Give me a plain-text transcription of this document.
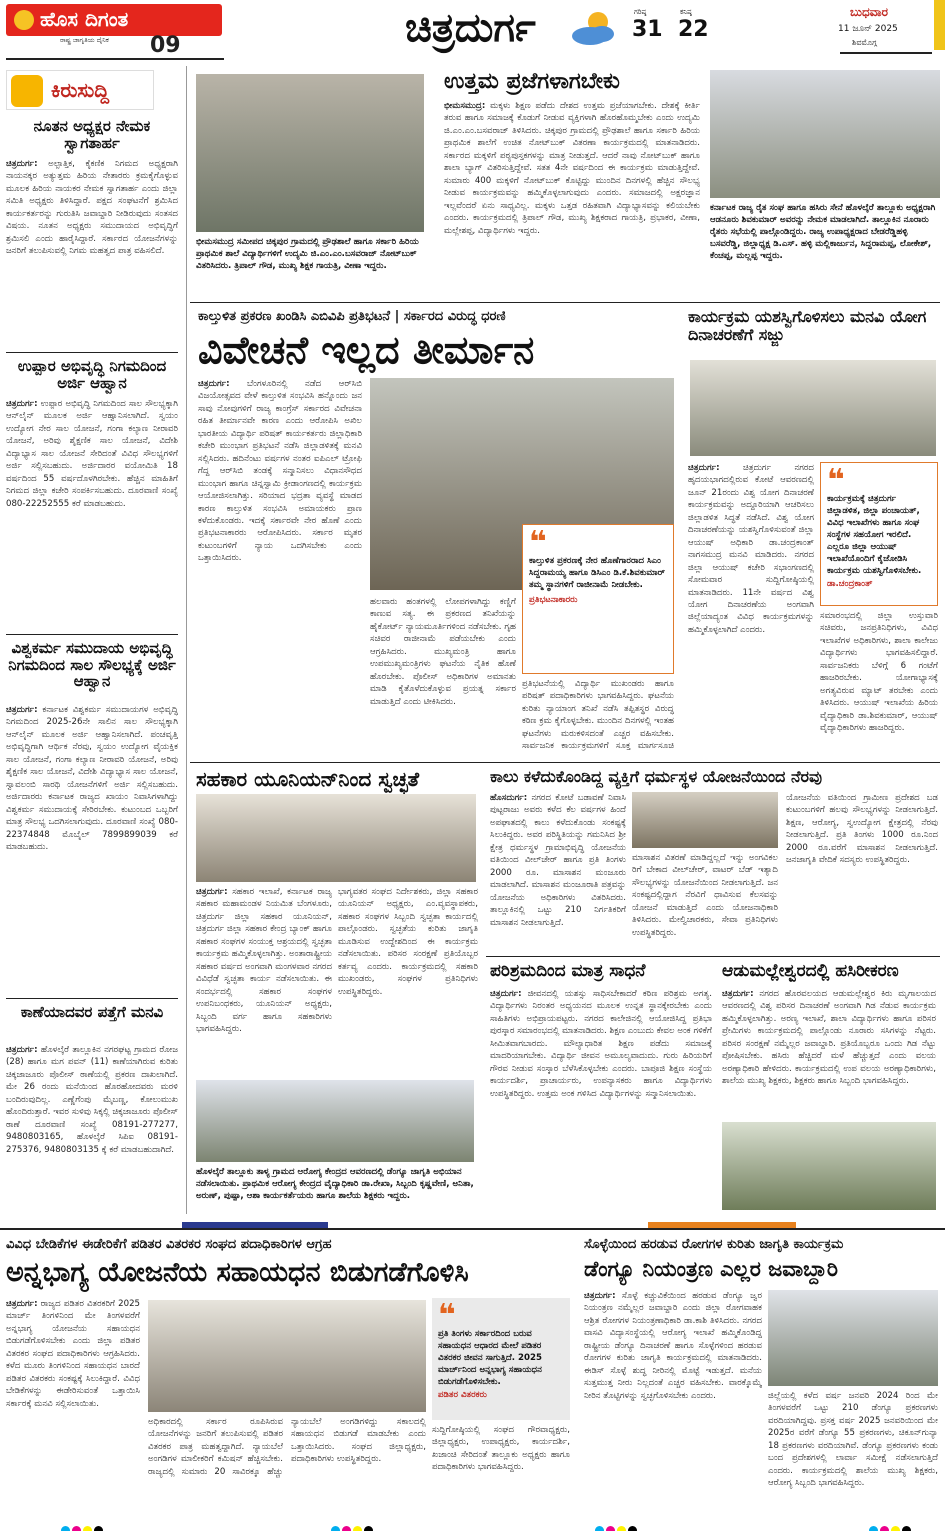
ಹೊಸ ದಿಗಂತ
ರಾಷ್ಟ್ರ ಜಾಗೃತಿಯ ದೈನಿಕ 09	ಚಿತ್ರದುರ್ಗ	ಗರಿಷ್ಠ
31
ಕನಿಷ್ಠ
22
ಬುಧವಾರ
11 ಜೂನ್ 2025
ಶಿವಮೊಗ್ಗ
ಕಿರುಸುದ್ದಿ
ನೂತನ ಅಧ್ಯಕ್ಷರ ನೇಮಕ ಸ್ವಾಗತಾರ್ಹ
ಚಿತ್ರದುರ್ಗ: ಅಲ್ಪಾತ್ತಿಕ, ಕೈಕಣಿಕ ನಿಗಮದ ಅಧ್ಯಕ್ಷರಾಗಿ ನಾಯನಕ್ಕರ ಅತ್ಯುತ್ತಮ ಹಿರಿಯ ನೇತಾರರು ಕ್ರಮಕೈಗೊಳ್ಳುವ ಮೂಲಕ ಹಿರಿಯ ನಾಯಕರ ನೇಮಕ ಸ್ವಾಗತಾರ್ಹ ಎಂದು ಜಿಲ್ಲಾ ಸಮಿತಿ ಅಧ್ಯಕ್ಷರು ತಿಳಿಸಿದ್ದಾರೆ. ಪಕ್ಷದ ಸಂಘಟನೆಗೆ ಶ್ರಮಿಸಿದ ಕಾರ್ಯಕರ್ತರನ್ನು ಗುರುತಿಸಿ ಜವಾಬ್ದಾರಿ ನೀಡಿರುವುದು ಸಂತಸದ ವಿಷಯ. ನೂತನ ಅಧ್ಯಕ್ಷರು ಸಮುದಾಯದ ಅಭಿವೃದ್ಧಿಗೆ ಶ್ರಮಿಸಲಿ ಎಂದು ಹಾರೈಸಿದ್ದಾರೆ. ಸರ್ಕಾರದ ಯೋಜನೆಗಳನ್ನು ಜನರಿಗೆ ತಲುಪಿಸುವಲ್ಲಿ ನಿಗಮ ಮಹತ್ವದ ಪಾತ್ರ ವಹಿಸಲಿದೆ.
ಉಪ್ಪಾರ ಅಭಿವೃದ್ಧಿ ನಿಗಮದಿಂದ ಅರ್ಜಿ ಆಹ್ವಾನ
ಚಿತ್ರದುರ್ಗ: ಉಪ್ಪಾರ ಅಭಿವೃದ್ಧಿ ನಿಗಮದಿಂದ ಸಾಲ ಸೌಲಭ್ಯಕ್ಕಾಗಿ ಆನ್‌ಲೈನ್ ಮೂಲಕ ಅರ್ಜಿ ಆಹ್ವಾನಿಸಲಾಗಿದೆ. ಸ್ವಯಂ ಉದ್ಯೋಗ ನೇರ ಸಾಲ ಯೋಜನೆ, ಗಂಗಾ ಕಲ್ಯಾಣ ನೀರಾವರಿ ಯೋಜನೆ, ಅರಿವು ಶೈಕ್ಷಣಿಕ ಸಾಲ ಯೋಜನೆ, ವಿದೇಶಿ ವಿದ್ಯಾಭ್ಯಾಸ ಸಾಲ ಯೋಜನೆ ಸೇರಿದಂತೆ ವಿವಿಧ ಸೌಲಭ್ಯಗಳಿಗೆ ಅರ್ಜಿ ಸಲ್ಲಿಸಬಹುದು. ಅರ್ಜಿದಾರರ ವಯೋಮಿತಿ 18 ವರ್ಷದಿಂದ 55 ವರ್ಷದೊಳಗಿರಬೇಕು. ಹೆಚ್ಚಿನ ಮಾಹಿತಿಗೆ ನಿಗಮದ ಜಿಲ್ಲಾ ಕಚೇರಿ ಸಂಪರ್ಕಿಸಬಹುದು. ದೂರವಾಣಿ ಸಂಖ್ಯೆ 080-22252555 ಕರೆ ಮಾಡಬಹುದು.
ವಿಶ್ವಕರ್ಮ ಸಮುದಾಯ ಅಭಿವೃದ್ಧಿ ನಿಗಮದಿಂದ ಸಾಲ ಸೌಲಭ್ಯಕ್ಕೆ ಅರ್ಜಿ ಆಹ್ವಾನ
ಚಿತ್ರದುರ್ಗ: ಕರ್ನಾಟಕ ವಿಶ್ವಕರ್ಮ ಸಮುದಾಯಗಳ ಅಭಿವೃದ್ಧಿ ನಿಗಮದಿಂದ 2025-26ನೇ ಸಾಲಿನ ಸಾಲ ಸೌಲಭ್ಯಕ್ಕಾಗಿ ಆನ್‌ಲೈನ್ ಮೂಲಕ ಅರ್ಜಿ ಆಹ್ವಾನಿಸಲಾಗಿದೆ. ಪಂಚವೃತ್ತಿ ಅಭಿವೃದ್ಧಿಗಾಗಿ ಆರ್ಥಿಕ ನೆರವು, ಸ್ವಯಂ ಉದ್ಯೋಗ ವೈಯಕ್ತಿಕ ಸಾಲ ಯೋಜನೆ, ಗಂಗಾ ಕಲ್ಯಾಣ ನೀರಾವರಿ ಯೋಜನೆ, ಅರಿವು ಶೈಕ್ಷಣಿಕ ಸಾಲ ಯೋಜನೆ, ವಿದೇಶಿ ವಿದ್ಯಾಭ್ಯಾಸ ಸಾಲ ಯೋಜನೆ, ಸ್ವಾವಲಂಬಿ ಸಾರಥಿ ಯೋಜನೆಗಳಿಗೆ ಅರ್ಜಿ ಸಲ್ಲಿಸಬಹುದು. ಅರ್ಜಿದಾರರು ಕರ್ನಾಟಕ ರಾಜ್ಯದ ಖಾಯಂ ನಿವಾಸಿಗಳಾಗಿದ್ದು ವಿಶ್ವಕರ್ಮ ಸಮುದಾಯಕ್ಕೆ ಸೇರಿರಬೇಕು. ಕುಟುಂಬದ ಒಬ್ಬರಿಗೆ ಮಾತ್ರ ಸೌಲಭ್ಯ ಒದಗಿಸಲಾಗುವುದು. ದೂರವಾಣಿ ಸಂಖ್ಯೆ 080-22374848 ಮೊಬೈಲ್ 7899899039 ಕರೆ ಮಾಡಬಹುದು.
ಕಾಣೆಯಾದವರ ಪತ್ತೆಗೆ ಮನವಿ
ಚಿತ್ರದುರ್ಗ: ಹೊಳಲ್ಕೆರೆ ತಾಲ್ಲೂಕಿನ ನಗರಘಟ್ಟ ಗ್ರಾಮದ ರೋಜ (28) ಹಾಗೂ ಮಗ ಪವನ್ (11) ಕಾಣೆಯಾಗಿರುವ ಕುರಿತು ಚಿಕ್ಕಜಾಜೂರು ಪೊಲೀಸ್ ಠಾಣೆಯಲ್ಲಿ ಪ್ರಕರಣ ದಾಖಲಾಗಿದೆ. ಮೇ 26 ರಂದು ಮನೆಯಿಂದ ಹೊರಹೋದವರು ಮರಳಿ ಬಂದಿರುವುದಿಲ್ಲ. ಎಣ್ಣೆಗೆಂಪು ಮೈಬಣ್ಣ, ಕೋಲುಮುಖ ಹೊಂದಿರುತ್ತಾರೆ. ಇವರ ಸುಳಿವು ಸಿಕ್ಕಲ್ಲಿ ಚಿಕ್ಕಜಾಜೂರು ಪೊಲೀಸ್ ಠಾಣೆ ದೂರವಾಣಿ ಸಂಖ್ಯೆ 08191-277277, 9480803165, ಹೊಳಲ್ಕೆರೆ ಸಿಪಿಐ 08191-275376, 9480803135 ಕ್ಕೆ ಕರೆ ಮಾಡಬಹುದಾಗಿದೆ.
ಭೀಮಸಮುದ್ರ ಸಮೀಪದ ಚಿಕ್ಕಪುರ ಗ್ರಾಮದಲ್ಲಿ ಪ್ರೌಢಶಾಲೆ ಹಾಗೂ ಸರ್ಕಾರಿ ಹಿರಿಯ ಪ್ರಾಥಮಿಕ ಶಾಲೆ ವಿದ್ಯಾರ್ಥಿಗಳಿಗೆ ಉದ್ಯಮಿ ಜಿ.ಎಂ.ಎಂ.ಬಸವರಾಜ್ ನೋಟ್‌ಬುಕ್ ವಿತರಿಸಿದರು. ತ್ರಿಪಾಲ್ ಗೌಡ, ಮುಖ್ಯ ಶಿಕ್ಷಕ ಗಾಯತ್ರಿ, ವೀಣಾ ಇದ್ದರು.
ಉತ್ತಮ ಪ್ರಜೆಗಳಾಗಬೇಕು
ಭೀಮಸಮುದ್ರ: ಮಕ್ಕಳು ಶಿಕ್ಷಣ ಪಡೆದು ದೇಶದ ಉತ್ತಮ ಪ್ರಜೆಯಾಗಬೇಕು. ದೇಶಕ್ಕೆ ಕೀರ್ತಿ ತರುವ ಹಾಗೂ ಸಮಾಜಕ್ಕೆ ಕೊಡುಗೆ ನೀಡುವ ವ್ಯಕ್ತಿಗಳಾಗಿ ಹೊರಹೊಮ್ಮಬೇಕು ಎಂದು ಉದ್ಯಮಿ ಜಿ.ಎಂ.ಎಂ.ಬಸವರಾಜ್ ತಿಳಿಸಿದರು. ಚಿಕ್ಕಪುರ ಗ್ರಾಮದಲ್ಲಿ ಪ್ರೌಢಶಾಲೆ ಹಾಗೂ ಸರ್ಕಾರಿ ಹಿರಿಯ ಪ್ರಾಥಮಿಕ ಶಾಲೆಗೆ ಉಚಿತ ನೋಟ್‌ಬುಕ್ ವಿತರಣಾ ಕಾರ್ಯಕ್ರಮದಲ್ಲಿ ಮಾತನಾಡಿದರು. ಸರ್ಕಾರದ ಮಕ್ಕಳಿಗೆ ಪಠ್ಯಪುಸ್ತಕಗಳನ್ನು ಮಾತ್ರ ನೀಡುತ್ತದೆ. ಆದರೆ ನಾವು ನೋಟ್‌ಬುಕ್ ಹಾಗೂ ಶಾಲಾ ಬ್ಯಾಗ್ ವಿತರಿಸುತ್ತಿದ್ದೇವೆ. ಸತತ 4ನೇ ವರ್ಷದಿಂದ ಈ ಕಾರ್ಯಕ್ರಮ ಮಾಡುತ್ತಿದ್ದೇವೆ. ಸುಮಾರು 400 ಮಕ್ಕಳಿಗೆ ನೋಟ್‌ಬುಕ್ ಕೊಟ್ಟಿದ್ದು ಮುಂದಿನ ದಿನಗಳಲ್ಲಿ ಹೆಚ್ಚಿನ ಸೌಲಭ್ಯ ನೀಡುವ ಕಾರ್ಯಕ್ರಮವನ್ನು ಹಮ್ಮಿಕೊಳ್ಳಲಾಗುವುದು ಎಂದರು. ಸಮಾಜದಲ್ಲಿ ಅಕ್ಷರಜ್ಞಾನ ಇಲ್ಲವೆಂದರೆ ಏನು ಸಾಧ್ಯವಿಲ್ಲ. ಮಕ್ಕಳು ಒತ್ತಡ ರಹಿತವಾಗಿ ವಿದ್ಯಾಭ್ಯಾಸವನ್ನು ಕಲಿಯಬೇಕು ಎಂದರು. ಕಾರ್ಯಕ್ರಮದಲ್ಲಿ ತ್ರಿಪಾಲ್ ಗೌಡ, ಮುಖ್ಯ ಶಿಕ್ಷಕರಾದ ಗಾಯತ್ರಿ, ಪ್ರಭಾಕರ, ವೀಣಾ, ಮಲ್ಲೇಶಪ್ಪ, ವಿದ್ಯಾರ್ಥಿಗಳು ಇದ್ದರು.
ಕರ್ನಾಟಕ ರಾಜ್ಯ ರೈತ ಸಂಘ ಹಾಗೂ ಹಸಿರು ಸೇನೆ ಹೊಳಲ್ಕೆರೆ ತಾಲ್ಲೂಕು ಅಧ್ಯಕ್ಷರಾಗಿ ಆಡನೂರು ಶಿವಕುಮಾರ್ ಅವರನ್ನು ನೇಮಕ ಮಾಡಲಾಗಿದೆ. ತಾಲ್ಲೂಕಿನ ನೂರಾರು ರೈತರು ಸಭೆಯಲ್ಲಿ ಪಾಲ್ಗೊಂಡಿದ್ದರು. ರಾಜ್ಯ ಉಪಾಧ್ಯಕ್ಷರಾದ ಬೇಡರೆಡ್ಡಿಹಳ್ಳಿ ಬಸವರೆಡ್ಡಿ, ಜಿಲ್ಲಾಧ್ಯಕ್ಷ ಡಿ.ಎಸ್. ಹಳ್ಳಿ ಮಲ್ಲಿಕಾರ್ಜುನ, ಸಿದ್ದರಾಮಪ್ಪ, ಲೋಕೇಶ್, ಕೆಂಚಪ್ಪ, ಮಲ್ಲಪ್ಪ ಇದ್ದರು.
ಕಾಲ್ತುಳಿತ ಪ್ರಕರಣ ಖಂಡಿಸಿ ಎಬಿವಿಪಿ ಪ್ರತಿಭಟನೆ | ಸರ್ಕಾರದ ವಿರುದ್ಧ ಧರಣಿ
ವಿವೇಚನೆ ಇಲ್ಲದ ತೀರ್ಮಾನ
ಚಿತ್ರದುರ್ಗ: ಬೆಂಗಳೂರಿನಲ್ಲಿ ನಡೆದ ಆರ್‌ಸಿಬಿ ವಿಜಯೋತ್ಸವದ ವೇಳೆ ಕಾಲ್ತುಳಿತ ಸಂಭವಿಸಿ ಹನ್ನೊಂದು ಜನ ಸಾವು ನೋವುಗಳಿಗೆ ರಾಜ್ಯ ಕಾಂಗ್ರೆಸ್ ಸರ್ಕಾರದ ವಿವೇಚನಾ ರಹಿತ ತೀರ್ಮಾನವೇ ಕಾರಣ ಎಂದು ಆರೋಪಿಸಿ ಅಖಿಲ ಭಾರತೀಯ ವಿದ್ಯಾರ್ಥಿ ಪರಿಷತ್ ಕಾರ್ಯಕರ್ತರು ಜಿಲ್ಲಾಧಿಕಾರಿ ಕಚೇರಿ ಮುಂಭಾಗ ಪ್ರತಿಭಟನೆ ನಡೆಸಿ ಜಿಲ್ಲಾಡಳಿತಕ್ಕೆ ಮನವಿ ಸಲ್ಲಿಸಿದರು. ಹದಿನೆಂಟು ವರ್ಷಗಳ ನಂತರ ಐಪಿಎಲ್ ಟ್ರೋಫಿ ಗೆದ್ದ ಆರ್‌ಸಿಬಿ ತಂಡಕ್ಕೆ ಸನ್ಮಾನಿಸಲು ವಿಧಾನಸೌಧದ ಮುಂಭಾಗ ಹಾಗೂ ಚಿನ್ನಸ್ವಾಮಿ ಕ್ರೀಡಾಂಗಣದಲ್ಲಿ ಕಾರ್ಯಕ್ರಮ ಆಯೋಜಿಸಲಾಗಿತ್ತು. ಸರಿಯಾದ ಭದ್ರತಾ ವ್ಯವಸ್ಥೆ ಮಾಡದ ಕಾರಣ ಕಾಲ್ತುಳಿತ ಸಂಭವಿಸಿ ಅಮಾಯಕರು ಪ್ರಾಣ ಕಳೆದುಕೊಂಡರು. ಇದಕ್ಕೆ ಸರ್ಕಾರವೇ ನೇರ ಹೊಣೆ ಎಂದು ಪ್ರತಿಭಟನಾಕಾರರು ಆರೋಪಿಸಿದರು. ಸರ್ಕಾರ ಮೃತರ ಕುಟುಂಬಗಳಿಗೆ ನ್ಯಾಯ ಒದಗಿಸಬೇಕು ಎಂದು ಒತ್ತಾಯಿಸಿದರು.
ಹಲವಾರು ಹಂತಗಳಲ್ಲಿ ಲೋಪಗಳಾಗಿದ್ದು ಕಣ್ಣಿಗೆ ಕಾಣುವ ಸತ್ಯ. ಈ ಪ್ರಕರಣದ ತನಿಖೆಯನ್ನು ಹೈಕೋರ್ಟ್ ನ್ಯಾಯಮೂರ್ತಿಗಳಿಂದ ನಡೆಸಬೇಕು. ಗೃಹ ಸಚಿವರ ರಾಜೀನಾಮೆ ಪಡೆಯಬೇಕು ಎಂದು ಆಗ್ರಹಿಸಿದರು. ಮುಖ್ಯಮಂತ್ರಿ ಹಾಗೂ ಉಪಮುಖ್ಯಮಂತ್ರಿಗಳು ಘಟನೆಯ ನೈತಿಕ ಹೊಣೆ ಹೊರಬೇಕು. ಪೊಲೀಸ್ ಅಧಿಕಾರಿಗಳ ಅಮಾನತು ಮಾಡಿ ಕೈತೊಳೆದುಕೊಳ್ಳುವ ಪ್ರಯತ್ನ ಸರ್ಕಾರ ಮಾಡುತ್ತಿದೆ ಎಂದು ಟೀಕಿಸಿದರು.
❝
ಕಾಲ್ತುಳಿತ ಪ್ರಕರಣಕ್ಕೆ ನೇರ ಹೊಣೆಗಾರರಾದ ಸಿಎಂ ಸಿದ್ದರಾಮಯ್ಯ ಹಾಗೂ ಡಿಸಿಎಂ ಡಿ.ಕೆ.ಶಿವಕುಮಾರ್ ತಮ್ಮ ಸ್ಥಾನಗಳಿಗೆ ರಾಜೀನಾಮೆ ನೀಡಬೇಕು.
ಪ್ರತಿಭಟನಾಕಾರರು
ಪ್ರತಿಭಟನೆಯಲ್ಲಿ ವಿದ್ಯಾರ್ಥಿ ಮುಖಂಡರು ಹಾಗೂ ಪರಿಷತ್ ಪದಾಧಿಕಾರಿಗಳು ಭಾಗವಹಿಸಿದ್ದರು. ಘಟನೆಯ ಕುರಿತು ನ್ಯಾಯಾಂಗ ತನಿಖೆ ನಡೆಸಿ ತಪ್ಪಿತಸ್ಥರ ವಿರುದ್ಧ ಕಠಿಣ ಕ್ರಮ ಕೈಗೊಳ್ಳಬೇಕು. ಮುಂದಿನ ದಿನಗಳಲ್ಲಿ ಇಂತಹ ಘಟನೆಗಳು ಮರುಕಳಿಸದಂತೆ ಎಚ್ಚರ ವಹಿಸಬೇಕು. ಸಾರ್ವಜನಿಕ ಕಾರ್ಯಕ್ರಮಗಳಿಗೆ ಸೂಕ್ತ ಮಾರ್ಗಸೂಚಿ
ಕಾರ್ಯಕ್ರಮ ಯಶಸ್ವಿಗೊಳಿಸಲು ಮನವಿ ಯೋಗ ದಿನಾಚರಣೆಗೆ ಸಜ್ಜು
ಚಿತ್ರದುರ್ಗ:	ಚಿತ್ರದುರ್ಗ ನಗರದ ಹೃದಯಭಾಗದಲ್ಲಿರುವ ಕೋಟೆ ಆವರಣದಲ್ಲಿ ಜೂನ್ 21ರಂದು ವಿಶ್ವ ಯೋಗ ದಿನಾಚರಣೆ ಕಾರ್ಯಕ್ರಮವನ್ನು ಅದ್ದೂರಿಯಾಗಿ ಆಚರಿಸಲು ಜಿಲ್ಲಾಡಳಿತ ಸಿದ್ಧತೆ ನಡೆಸಿದೆ. ವಿಶ್ವ ಯೋಗ ದಿನಾಚರಣೆಯನ್ನು ಯಶಸ್ವಿಗೊಳಿಸುವಂತೆ ಜಿಲ್ಲಾ ಆಯುಷ್ ಅಧಿಕಾರಿ ಡಾ.ಚಂದ್ರಕಾಂತ್ ನಾಗಸಮುದ್ರ ಮನವಿ ಮಾಡಿದರು. ನಗರದ ಜಿಲ್ಲಾ ಆಯುಷ್ ಕಚೇರಿ ಸಭಾಂಗಣದಲ್ಲಿ ಸೋಮವಾರ ಸುದ್ದಿಗೋಷ್ಠಿಯಲ್ಲಿ ಮಾತನಾಡಿದರು. 11ನೇ ವರ್ಷದ ವಿಶ್ವ ಯೋಗ ದಿನಾಚರಣೆಯ ಅಂಗವಾಗಿ ಜಿಲ್ಲೆಯಾದ್ಯಂತ ವಿವಿಧ ಕಾರ್ಯಕ್ರಮಗಳನ್ನು ಹಮ್ಮಿಕೊಳ್ಳಲಾಗಿದೆ ಎಂದರು.
❝
ಕಾರ್ಯಕ್ರಮಕ್ಕೆ ಚಿತ್ರದುರ್ಗ ಜಿಲ್ಲಾಡಳಿತ, ಜಿಲ್ಲಾ ಪಂಚಾಯತ್, ವಿವಿಧ ಇಲಾಖೆಗಳು ಹಾಗೂ ಸಂಘ ಸಂಸ್ಥೆಗಳ ಸಹಯೋಗ ಇರಲಿದೆ. ಎಲ್ಲರೂ ಜಿಲ್ಲಾ ಆಯುಷ್ ಇಲಾಖೆಯೊಂದಿಗೆ ಕೈಜೋಡಿಸಿ ಕಾರ್ಯಕ್ರಮ ಯಶಸ್ವಿಗೊಳಿಸಬೇಕು.
ಡಾ.ಚಂದ್ರಕಾಂತ್
ಸಮಾರಂಭದಲ್ಲಿ ಜಿಲ್ಲಾ ಉಸ್ತುವಾರಿ ಸಚಿವರು, ಜನಪ್ರತಿನಿಧಿಗಳು, ವಿವಿಧ ಇಲಾಖೆಗಳ ಅಧಿಕಾರಿಗಳು, ಶಾಲಾ ಕಾಲೇಜು ವಿದ್ಯಾರ್ಥಿಗಳು ಭಾಗವಹಿಸಲಿದ್ದಾರೆ. ಸಾರ್ವಜನಿಕರು ಬೆಳಿಗ್ಗೆ 6 ಗಂಟೆಗೆ ಹಾಜರಿರಬೇಕು. ಯೋಗಾಭ್ಯಾಸಕ್ಕೆ ಅಗತ್ಯವಿರುವ ಮ್ಯಾಟ್ ತರಬೇಕು ಎಂದು ತಿಳಿಸಿದರು. ಆಯುಷ್ ಇಲಾಖೆಯ ಹಿರಿಯ ವೈದ್ಯಾಧಿಕಾರಿ ಡಾ.ಶಿವಕುಮಾರ್, ಆಯುಷ್ ವೈದ್ಯಾಧಿಕಾರಿಗಳು ಹಾಜರಿದ್ದರು.
ಸಹಕಾರ ಯೂನಿಯನ್‌ನಿಂದ ಸ್ವಚ್ಛತೆ
ಚಿತ್ರದುರ್ಗ: ಸಹಕಾರ ಇಲಾಖೆ, ಕರ್ನಾಟಕ ರಾಜ್ಯ ಸಹಕಾರ ಮಹಾಮಂಡಳ ನಿಯಮಿತ ಬೆಂಗಳೂರು, ಚಿತ್ರದುರ್ಗ ಜಿಲ್ಲಾ ಸಹಕಾರ ಯೂನಿಯನ್, ಚಿತ್ರದುರ್ಗ ಜಿಲ್ಲಾ ಸಹಕಾರ ಕೇಂದ್ರ ಬ್ಯಾಂಕ್ ಹಾಗೂ ಸಹಕಾರ ಸಂಘಗಳ ಸಂಯುಕ್ತ ಆಶ್ರಯದಲ್ಲಿ ಸ್ವಚ್ಛತಾ ಕಾರ್ಯಕ್ರಮ ಹಮ್ಮಿಕೊಳ್ಳಲಾಗಿತ್ತು. ಅಂತಾರಾಷ್ಟ್ರೀಯ ಸಹಕಾರ ವರ್ಷದ ಅಂಗವಾಗಿ ಮಂಗಳವಾರ ನಗರದ ವಿವಿಧೆಡೆ ಸ್ವಚ್ಛತಾ ಕಾರ್ಯ ನಡೆಸಲಾಯಿತು. ಈ ಸಂದರ್ಭದಲ್ಲಿ ಸಹಕಾರ ಸಂಘಗಳ ಉಪನಿಬಂಧಕರು, ಯೂನಿಯನ್ ಅಧ್ಯಕ್ಷರು, ಸಿಬ್ಬಂದಿ ವರ್ಗ ಹಾಗೂ ಸಹಕಾರಿಗಳು ಭಾಗವಹಿಸಿದ್ದರು.
ಭಾಗ್ಯವತರ ಸಂಘದ ನಿರ್ದೇಶಕರು, ಜಿಲ್ಲಾ ಸಹಕಾರ ಯೂನಿಯನ್ ಅಧ್ಯಕ್ಷರು, ಎಂ.ವ್ಯವಸ್ಥಾಪಕರು, ಸಹಕಾರ ಸಂಘಗಳ ಸಿಬ್ಬಂದಿ ಸ್ವಚ್ಛತಾ ಕಾರ್ಯದಲ್ಲಿ ಪಾಲ್ಗೊಂಡರು. ಸ್ವಚ್ಛತೆಯ ಕುರಿತು ಜಾಗೃತಿ ಮೂಡಿಸುವ ಉದ್ದೇಶದಿಂದ ಈ ಕಾರ್ಯಕ್ರಮ ನಡೆಸಲಾಯಿತು. ಪರಿಸರ ಸಂರಕ್ಷಣೆ ಪ್ರತಿಯೊಬ್ಬರ ಕರ್ತವ್ಯ ಎಂದರು. ಕಾರ್ಯಕ್ರಮದಲ್ಲಿ ಸಹಕಾರಿ ಮುಖಂಡರು, ಸಂಘಗಳ ಪ್ರತಿನಿಧಿಗಳು ಉಪಸ್ಥಿತರಿದ್ದರು.
ಹೊಳಲ್ಕೆರೆ ತಾಲ್ಲೂಕು ತಾಳ್ಯ ಗ್ರಾಮದ ಆರೋಗ್ಯ ಕೇಂದ್ರದ ಆವರಣದಲ್ಲಿ ಡೆಂಗ್ಯೂ ಜಾಗೃತಿ ಅಭಿಯಾನ ನಡೆಸಲಾಯಿತು. ಪ್ರಾಥಮಿಕ ಆರೋಗ್ಯ ಕೇಂದ್ರದ ವೈದ್ಯಾಧಿಕಾರಿ ಡಾ.ರೇಖಾ, ಸಿಬ್ಬಂದಿ ಕೃಷ್ಣವೇಣಿ, ಅನಿತಾ, ಅರುಣ್, ಪುಷ್ಪಾ, ಆಶಾ ಕಾರ್ಯಕರ್ತೆಯರು ಹಾಗೂ ಶಾಲೆಯ ಶಿಕ್ಷಕರು ಇದ್ದರು.
ಕಾಲು ಕಳೆದುಕೊಂಡಿದ್ದ ವ್ಯಕ್ತಿಗೆ ಧರ್ಮಸ್ಥಳ ಯೋಜನೆಯಿಂದ ನೆರವು
ಹೊಸದುರ್ಗ: ನಗರದ ಕೋಟೆ ಬಡಾವಣೆ ನಿವಾಸಿ ಪುಟ್ಟರಾಜು ಅವರು ಕಳೆದ ಕೆಲ ವರ್ಷಗಳ ಹಿಂದೆ ಅಪಘಾತದಲ್ಲಿ ಕಾಲು ಕಳೆದುಕೊಂಡು ಸಂಕಷ್ಟಕ್ಕೆ ಸಿಲುಕಿದ್ದರು. ಅವರ ಪರಿಸ್ಥಿತಿಯನ್ನು ಗಮನಿಸಿದ ಶ್ರೀ ಕ್ಷೇತ್ರ ಧರ್ಮಸ್ಥಳ ಗ್ರಾಮಾಭಿವೃದ್ಧಿ ಯೋಜನೆಯ ವತಿಯಿಂದ ವೀಲ್‌ಚೇರ್ ಹಾಗೂ ಪ್ರತಿ ತಿಂಗಳು 2000 ರೂ. ಮಾಸಾಶನ ಮಂಜೂರು ಮಾಡಲಾಗಿದೆ. ಮಾಸಾಶನ ಮಂಜೂರಾತಿ ಪತ್ರವನ್ನು ಯೋಜನೆಯ ಅಧಿಕಾರಿಗಳು ವಿತರಿಸಿದರು. ತಾಲ್ಲೂಕಿನಲ್ಲಿ ಒಟ್ಟು 210 ನಿರ್ಗತಿಕರಿಗೆ ಮಾಸಾಶನ ನೀಡಲಾಗುತ್ತಿದೆ.
ಮಾಸಾಶನ ವಿತರಣೆ ಮಾಡಿದ್ದಲ್ಲದೆ ಇನ್ನು ಅಂಗವಿಕಲ ರಿಗೆ ಬೇಕಾದ ವೀಲ್‌ಚೇರ್, ವಾಟರ್ ಬೆಡ್ ಇತ್ಯಾದಿ ಸೌಲಭ್ಯಗಳನ್ನು ಯೋಜನೆಯಿಂದ ನೀಡಲಾಗುತ್ತಿದೆ. ಜನ ಸಂಕಷ್ಟದಲ್ಲಿದ್ದಾಗ ನೆರವಿಗೆ ಧಾವಿಸುವ ಕೆಲಸವನ್ನು ಯೋಜನೆ ಮಾಡುತ್ತಿದೆ ಎಂದು ಯೋಜನಾಧಿಕಾರಿ ತಿಳಿಸಿದರು. ಮೇಲ್ವಿಚಾರಕರು, ಸೇವಾ ಪ್ರತಿನಿಧಿಗಳು ಉಪಸ್ಥಿತರಿದ್ದರು.
ಯೋಜನೆಯ ವತಿಯಿಂದ ಗ್ರಾಮೀಣ ಪ್ರದೇಶದ ಬಡ ಕುಟುಂಬಗಳಿಗೆ ಹಲವು ಸೌಲಭ್ಯಗಳನ್ನು ನೀಡಲಾಗುತ್ತಿದೆ. ಶಿಕ್ಷಣ, ಆರೋಗ್ಯ, ಸ್ವಉದ್ಯೋಗ ಕ್ಷೇತ್ರದಲ್ಲಿ ನೆರವು ನೀಡಲಾಗುತ್ತಿದೆ. ಪ್ರತಿ ತಿಂಗಳು 1000 ರೂ.ನಿಂದ 2000 ರೂ.ವರೆಗೆ ಮಾಸಾಶನ ನೀಡಲಾಗುತ್ತಿದೆ. ಜನಜಾಗೃತಿ ವೇದಿಕೆ ಸದಸ್ಯರು ಉಪಸ್ಥಿತರಿದ್ದರು.
ಪರಿಶ್ರಮದಿಂದ ಮಾತ್ರ ಸಾಧನೆ
ಚಿತ್ರದುರ್ಗ: ಜೀವನದಲ್ಲಿ ಯಶಸ್ಸು ಸಾಧಿಸಬೇಕಾದರೆ ಕಠಿಣ ಪರಿಶ್ರಮ ಅಗತ್ಯ. ವಿದ್ಯಾರ್ಥಿಗಳು ನಿರಂತರ ಅಧ್ಯಯನದ ಮೂಲಕ ಉನ್ನತ ಸ್ಥಾನಕ್ಕೇರಬೇಕು ಎಂದು ಸಾಹಿತಿಗಳು ಅಭಿಪ್ರಾಯಪಟ್ಟರು. ನಗರದ ಕಾಲೇಜಿನಲ್ಲಿ ಆಯೋಜಿಸಿದ್ದ ಪ್ರತಿಭಾ ಪುರಸ್ಕಾರ ಸಮಾರಂಭದಲ್ಲಿ ಮಾತನಾಡಿದರು. ಶಿಕ್ಷಣ ಎಂಬುದು ಕೇವಲ ಅಂಕ ಗಳಿಕೆಗೆ ಸೀಮಿತವಾಗಬಾರದು. ಮೌಲ್ಯಾಧಾರಿತ ಶಿಕ್ಷಣ ಪಡೆದು ಸಮಾಜಕ್ಕೆ ಮಾದರಿಯಾಗಬೇಕು. ವಿದ್ಯಾರ್ಥಿ ಜೀವನ ಅಮೂಲ್ಯವಾದುದು. ಗುರು ಹಿರಿಯರಿಗೆ ಗೌರವ ನೀಡುವ ಸಂಸ್ಕಾರ ಬೆಳೆಸಿಕೊಳ್ಳಬೇಕು ಎಂದರು. ಬಾಪೂಜಿ ಶಿಕ್ಷಣ ಸಂಸ್ಥೆಯ ಕಾರ್ಯದರ್ಶಿ, ಪ್ರಾಚಾರ್ಯರು, ಉಪನ್ಯಾಸಕರು ಹಾಗೂ ವಿದ್ಯಾರ್ಥಿಗಳು ಉಪಸ್ಥಿತರಿದ್ದರು. ಉತ್ತಮ ಅಂಕ ಗಳಿಸಿದ ವಿದ್ಯಾರ್ಥಿಗಳನ್ನು ಸನ್ಮಾನಿಸಲಾಯಿತು.
ಆಡುಮಲ್ಲೇಶ್ವರದಲ್ಲಿ ಹಸಿರೀಕರಣ
ಚಿತ್ರದುರ್ಗ: ನಗರದ ಹೊರವಲಯದ ಆಡುಮಲ್ಲೇಶ್ವರ ಕಿರು ಮೃಗಾಲಯದ ಆವರಣದಲ್ಲಿ ವಿಶ್ವ ಪರಿಸರ ದಿನಾಚರಣೆ ಅಂಗವಾಗಿ ಗಿಡ ನೆಡುವ ಕಾರ್ಯಕ್ರಮ ಹಮ್ಮಿಕೊಳ್ಳಲಾಗಿತ್ತು. ಅರಣ್ಯ ಇಲಾಖೆ, ಶಾಲಾ ವಿದ್ಯಾರ್ಥಿಗಳು ಹಾಗೂ ಪರಿಸರ ಪ್ರೇಮಿಗಳು ಕಾರ್ಯಕ್ರಮದಲ್ಲಿ ಪಾಲ್ಗೊಂಡು ನೂರಾರು ಸಸಿಗಳನ್ನು ನೆಟ್ಟರು. ಪರಿಸರ ಸಂರಕ್ಷಣೆ ನಮ್ಮೆಲ್ಲರ ಜವಾಬ್ದಾರಿ. ಪ್ರತಿಯೊಬ್ಬರೂ ಒಂದು ಗಿಡ ನೆಟ್ಟು ಪೋಷಿಸಬೇಕು. ಹಸಿರು ಹೆಚ್ಚಿದರೆ ಮಳೆ ಹೆಚ್ಚುತ್ತದೆ ಎಂದು ವಲಯ ಅರಣ್ಯಾಧಿಕಾರಿ ಹೇಳಿದರು. ಕಾರ್ಯಕ್ರಮದಲ್ಲಿ ಉಪ ವಲಯ ಅರಣ್ಯಾಧಿಕಾರಿಗಳು, ಶಾಲೆಯ ಮುಖ್ಯ ಶಿಕ್ಷಕರು, ಶಿಕ್ಷಕರು ಹಾಗೂ ಸಿಬ್ಬಂದಿ ಭಾಗವಹಿಸಿದ್ದರು.
ವಿವಿಧ ಬೇಡಿಕೆಗಳ ಈಡೇರಿಕೆಗೆ ಪಡಿತರ ವಿತರಕರ ಸಂಘದ ಪದಾಧಿಕಾರಿಗಳ ಆಗ್ರಹ
ಅನ್ನಭಾಗ್ಯ ಯೋಜನೆಯ ಸಹಾಯಧನ ಬಿಡುಗಡೆಗೊಳಿಸಿ
ಚಿತ್ರದುರ್ಗ: ರಾಜ್ಯದ ಪಡಿತರ ವಿತರಕರಿಗೆ 2025 ಮಾರ್ಚ್ ತಿಂಗಳಿನಿಂದ ಮೇ ತಿಂಗಳವರೆಗೆ ಅನ್ನಭಾಗ್ಯ ಯೋಜನೆಯ ಸಹಾಯಧನ ಬಿಡುಗಡೆಗೊಳಿಸಬೇಕು ಎಂದು ಜಿಲ್ಲಾ ಪಡಿತರ ವಿತರಕರ ಸಂಘದ ಪದಾಧಿಕಾರಿಗಳು ಆಗ್ರಹಿಸಿದರು. ಕಳೆದ ಮೂರು ತಿಂಗಳಿನಿಂದ ಸಹಾಯಧನ ಬಾರದೆ ಪಡಿತರ ವಿತರಕರು ಸಂಕಷ್ಟಕ್ಕೆ ಸಿಲುಕಿದ್ದಾರೆ. ವಿವಿಧ ಬೇಡಿಕೆಗಳನ್ನು ಈಡೇರಿಸುವಂತೆ ಒತ್ತಾಯಿಸಿ ಸರ್ಕಾರಕ್ಕೆ ಮನವಿ ಸಲ್ಲಿಸಲಾಯಿತು.
ಅಧಿಕಾರದಲ್ಲಿ ಸರ್ಕಾರ ರೂಪಿಸಿರುವ ಯೋಜನೆಗಳನ್ನು ಜನರಿಗೆ ತಲುಪಿಸುವಲ್ಲಿ ಪಡಿತರ ವಿತರಕರ ಪಾತ್ರ ಮಹತ್ವದ್ದಾಗಿದೆ. ನ್ಯಾಯಬೆಲೆ ಅಂಗಡಿಗಳ ಮಾಲೀಕರಿಗೆ ಕಮಿಷನ್ ಹೆಚ್ಚಿಸಬೇಕು. ರಾಜ್ಯದಲ್ಲಿ ಸುಮಾರು 20 ಸಾವಿರಕ್ಕೂ ಹೆಚ್ಚು ನ್ಯಾಯಬೆಲೆ ಅಂಗಡಿಗಳಿದ್ದು ಸಕಾಲದಲ್ಲಿ ಸಹಾಯಧನ ಬಿಡುಗಡೆ ಮಾಡಬೇಕು ಎಂದು ಒತ್ತಾಯಿಸಿದರು. ಸಂಘದ ಜಿಲ್ಲಾಧ್ಯಕ್ಷರು, ಪದಾಧಿಕಾರಿಗಳು ಉಪಸ್ಥಿತರಿದ್ದರು.
❝
ಪ್ರತಿ ತಿಂಗಳು ಸರ್ಕಾರದಿಂದ ಬರುವ ಸಹಾಯಧನ ಆಧಾರದ ಮೇಲೆ ಪಡಿತರ ವಿತರಕರ ಜೀವನ ಸಾಗುತ್ತಿದೆ. 2025 ಮಾರ್ಚ್‌ನಿಂದ ಅನ್ನಭಾಗ್ಯ ಸಹಾಯಧನ ಬಿಡುಗಡೆಗೊಳಿಸಬೇಕು.
ಪಡಿತರ ವಿತರಕರು
ಸುದ್ದಿಗೋಷ್ಠಿಯಲ್ಲಿ ಸಂಘದ ಗೌರವಾಧ್ಯಕ್ಷರು, ಜಿಲ್ಲಾಧ್ಯಕ್ಷರು, ಉಪಾಧ್ಯಕ್ಷರು, ಕಾರ್ಯದರ್ಶಿ, ಖಜಾಂಚಿ ಸೇರಿದಂತೆ ತಾಲ್ಲೂಕು ಅಧ್ಯಕ್ಷರು ಹಾಗೂ ಪದಾಧಿಕಾರಿಗಳು ಭಾಗವಹಿಸಿದ್ದರು.
ಸೊಳ್ಳೆಯಿಂದ ಹರಡುವ ರೋಗಗಳ ಕುರಿತು ಜಾಗೃತಿ ಕಾರ್ಯಕ್ರಮ
ಡೆಂಗ್ಯೂ ನಿಯಂತ್ರಣ ಎಲ್ಲರ ಜವಾಬ್ದಾರಿ
ಚಿತ್ರದುರ್ಗ: ಸೊಳ್ಳೆ ಕಚ್ಚುವಿಕೆಯಿಂದ ಹರಡುವ ಡೆಂಗ್ಯೂ ಜ್ವರ ನಿಯಂತ್ರಣ ನಮ್ಮೆಲ್ಲರ ಜವಾಬ್ದಾರಿ ಎಂದು ಜಿಲ್ಲಾ ರೋಗವಾಹಕ ಆಶ್ರಿತ ರೋಗಗಳ ನಿಯಂತ್ರಣಾಧಿಕಾರಿ ಡಾ.ಕಾಶಿ ತಿಳಿಸಿದರು. ನಗರದ ವಾಸವಿ ವಿದ್ಯಾಸಂಸ್ಥೆಯಲ್ಲಿ ಆರೋಗ್ಯ ಇಲಾಖೆ ಹಮ್ಮಿಕೊಂಡಿದ್ದ ರಾಷ್ಟ್ರೀಯ ಡೆಂಗ್ಯೂ ದಿನಾಚರಣೆ ಹಾಗೂ ಸೊಳ್ಳೆಗಳಿಂದ ಹರಡುವ ರೋಗಗಳ ಕುರಿತು ಜಾಗೃತಿ ಕಾರ್ಯಕ್ರಮದಲ್ಲಿ ಮಾತನಾಡಿದರು. ಈಡಿಸ್ ಸೊಳ್ಳೆ ಶುದ್ಧ ನೀರಿನಲ್ಲಿ ಮೊಟ್ಟೆ ಇಡುತ್ತದೆ. ಮನೆಯ ಸುತ್ತಮುತ್ತ ನೀರು ನಿಲ್ಲದಂತೆ ಎಚ್ಚರ ವಹಿಸಬೇಕು. ವಾರಕ್ಕೊಮ್ಮೆ ನೀರಿನ ತೊಟ್ಟಿಗಳನ್ನು ಸ್ವಚ್ಛಗೊಳಿಸಬೇಕು ಎಂದರು.	ಜಿಲ್ಲೆಯಲ್ಲಿ ಕಳೆದ ವರ್ಷ ಜನವರಿ 2024 ರಿಂದ ಮೇ ತಿಂಗಳವರೆಗೆ ಒಟ್ಟು 210 ಡೆಂಗ್ಯೂ ಪ್ರಕರಣಗಳು ವರದಿಯಾಗಿದ್ದವು. ಪ್ರಸಕ್ತ ವರ್ಷ 2025 ಜನವರಿಯಿಂದ ಮೇ 2025ರ ವರೆಗೆ ಡೆಂಗ್ಯೂ 55 ಪ್ರಕರಣಗಳು, ಚಿಕೂನ್‌ಗುನ್ಯಾ 18 ಪ್ರಕರಣಗಳು ವರದಿಯಾಗಿವೆ. ಡೆಂಗ್ಯೂ ಪ್ರಕರಣಗಳು ಕಂಡು ಬಂದ ಪ್ರದೇಶಗಳಲ್ಲಿ ಲಾರ್ವಾ ಸಮೀಕ್ಷೆ ನಡೆಸಲಾಗುತ್ತಿದೆ ಎಂದರು. ಕಾರ್ಯಕ್ರಮದಲ್ಲಿ ಶಾಲೆಯ ಮುಖ್ಯ ಶಿಕ್ಷಕರು, ಆರೋಗ್ಯ ಸಿಬ್ಬಂದಿ ಭಾಗವಹಿಸಿದ್ದರು.
